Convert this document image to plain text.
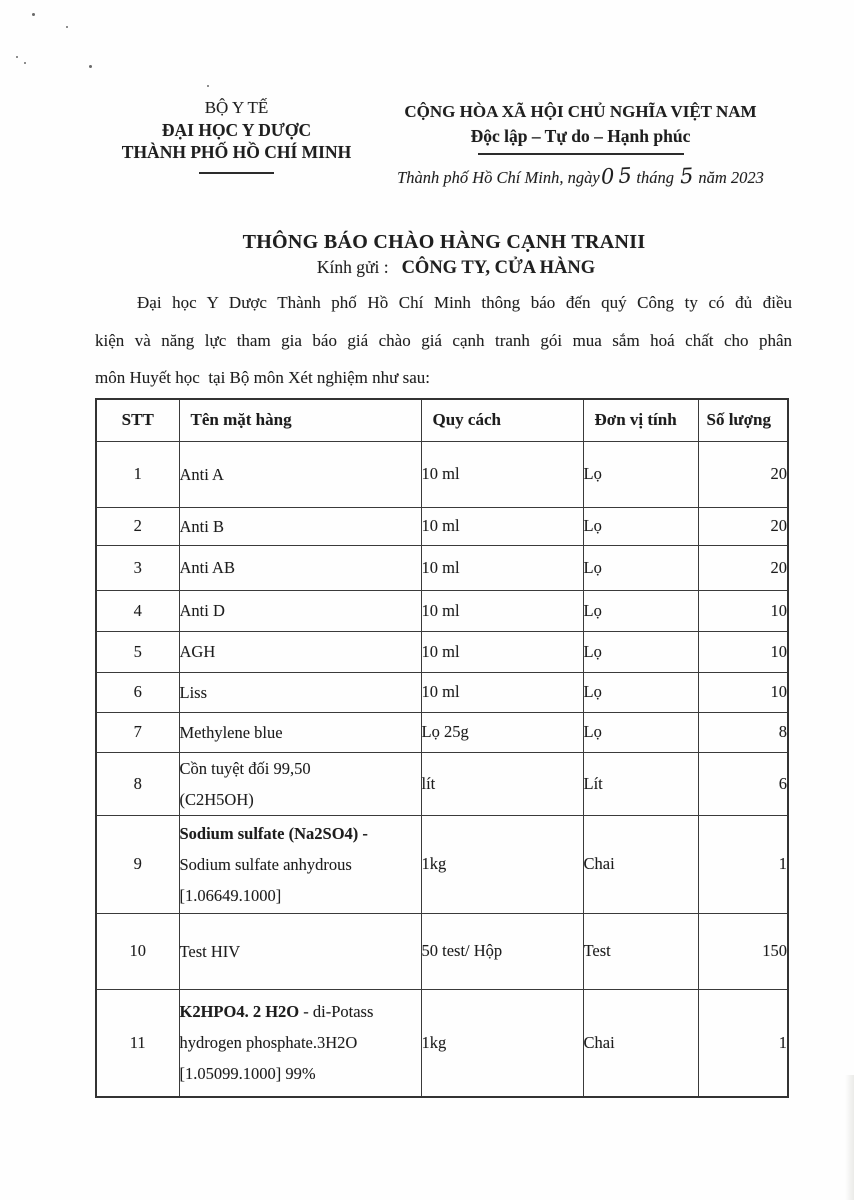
BỘ Y TẾ
ĐẠI HỌC Y DƯỢC
THÀNH PHỐ HỒ CHÍ MINH
CỘNG HÒA XÃ HỘI CHỦ NGHĨA VIỆT NAM
Độc lập – Tự do – Hạnh phúc
Thành phố Hồ Chí Minh, ngày05tháng 5 năm 2023
THÔNG BÁO CHÀO HÀNG CẠNH TRANII
Kính gửi : CÔNG TY, CỬA HÀNG
Đại học Y Dược Thành phố Hồ Chí Minh thông báo đến quý Công ty có đủ điều
kiện và năng lực tham gia báo giá chào giá cạnh tranh gói mua sắm hoá chất cho phân
môn Huyết học  tại Bộ môn Xét nghiệm như sau:
STT	Tên mặt hàng	Quy cách	Đơn vị tính	Số lượng
1	Anti A	10 ml	Lọ	20
2	Anti B	10 ml	Lọ	20
3	Anti AB	10 ml	Lọ	20
4	Anti D	10 ml	Lọ	10
5	AGH	10 ml	Lọ	10
6	Liss	10 ml	Lọ	10
7	Methylene blue	Lọ 25g	Lọ	8
8	Cồn tuyệt đối 99,50
(C2H5OH)	lít	Lít	6
9	Sodium sulfate (Na2SO4) -
Sodium sulfate anhydrous
[1.06649.1000]	1kg	Chai	1
10	Test HIV	50 test/ Hộp	Test	150
11	K2HPO4. 2 H2O - di-Potass
hydrogen phosphate.3H2O
[1.05099.1000] 99%	1kg	Chai	1
